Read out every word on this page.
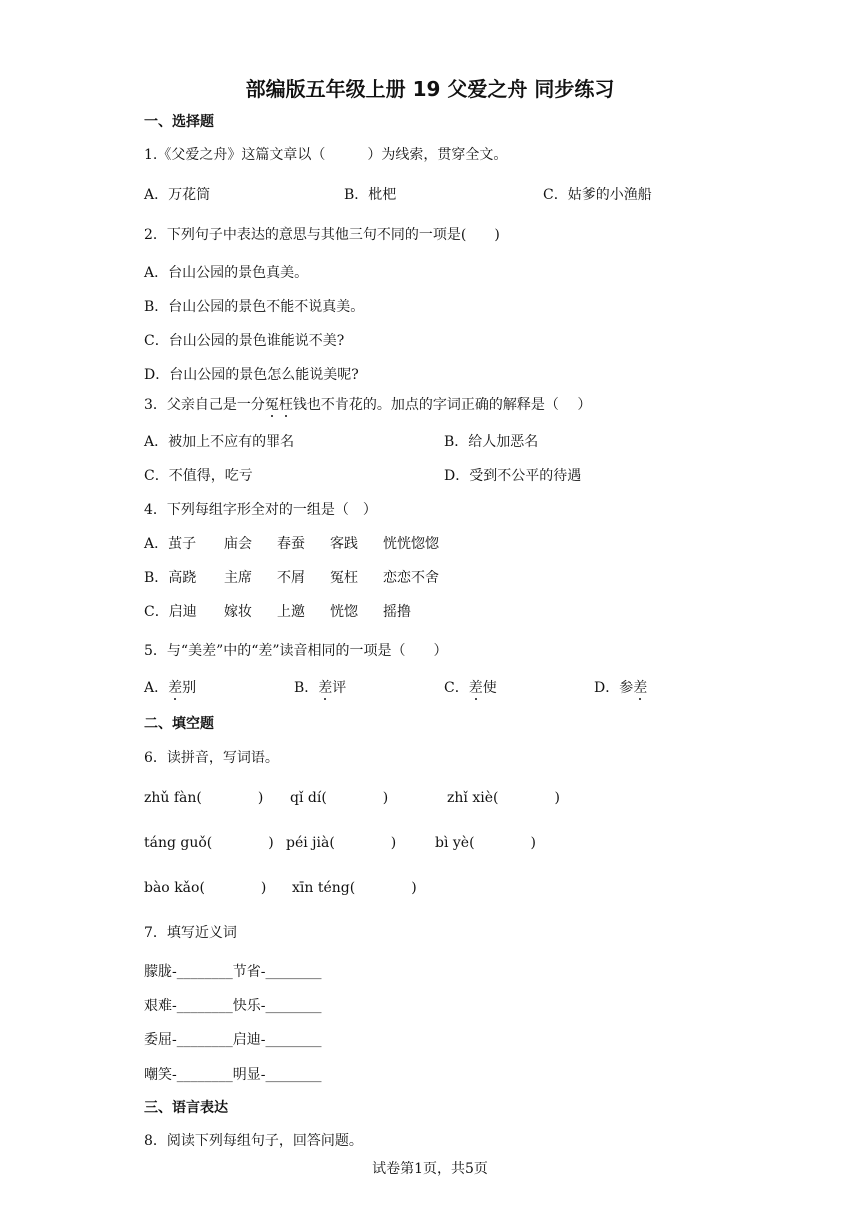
部编版五年级上册 19 父爱之舟 同步练习
一、选择题
1.《父爱之舟》这篇文章以（　　　）为线索，贯穿全文。
A．万花筒	B．枇杷	C．姑爹的小渔船
2．下列句子中表达的意思与其他三句不同的一项是(　　)
A．台山公园的景色真美。
B．台山公园的景色不能不说真美。
C．台山公园的景色谁能说不美?
D．台山公园的景色怎么能说美呢?
3．父亲自己是一分冤枉钱也不肯花的。加点的字词正确的解释是（　 ）
A．被加上不应有的罪名	B．给人加恶名
C．不值得，吃亏	D．受到不公平的待遇
4．下列每组字形全对的一组是（　）
A．茧子 庙会 春蚕 客践 恍恍惚惚
B．高跷 主席 不屑 冤枉 恋恋不舍
C．启迪 嫁妆 上邀 恍惚 摇撸
5．与“美差”中的“差”读音相同的一项是（　　）
A．差别	B．差评	C．差使	D．参差
二、填空题
6．读拼音，写词语。
zhǔ fàn(　　　　) qǐ dí(　　　　)	zhǐ xiè(　　　　)
táng guǒ(　　　　) péi jià(　　　　)	bì yè(　　　　)
bào kǎo(　　　　) xīn téng(　　　　)
7．填写近义词
朦胧-________节省-________
艰难-________快乐-________
委屈-________启迪-________
嘲笑-________明显-________
三、语言表达
8．阅读下列每组句子，回答问题。
试卷第1页，共5页
